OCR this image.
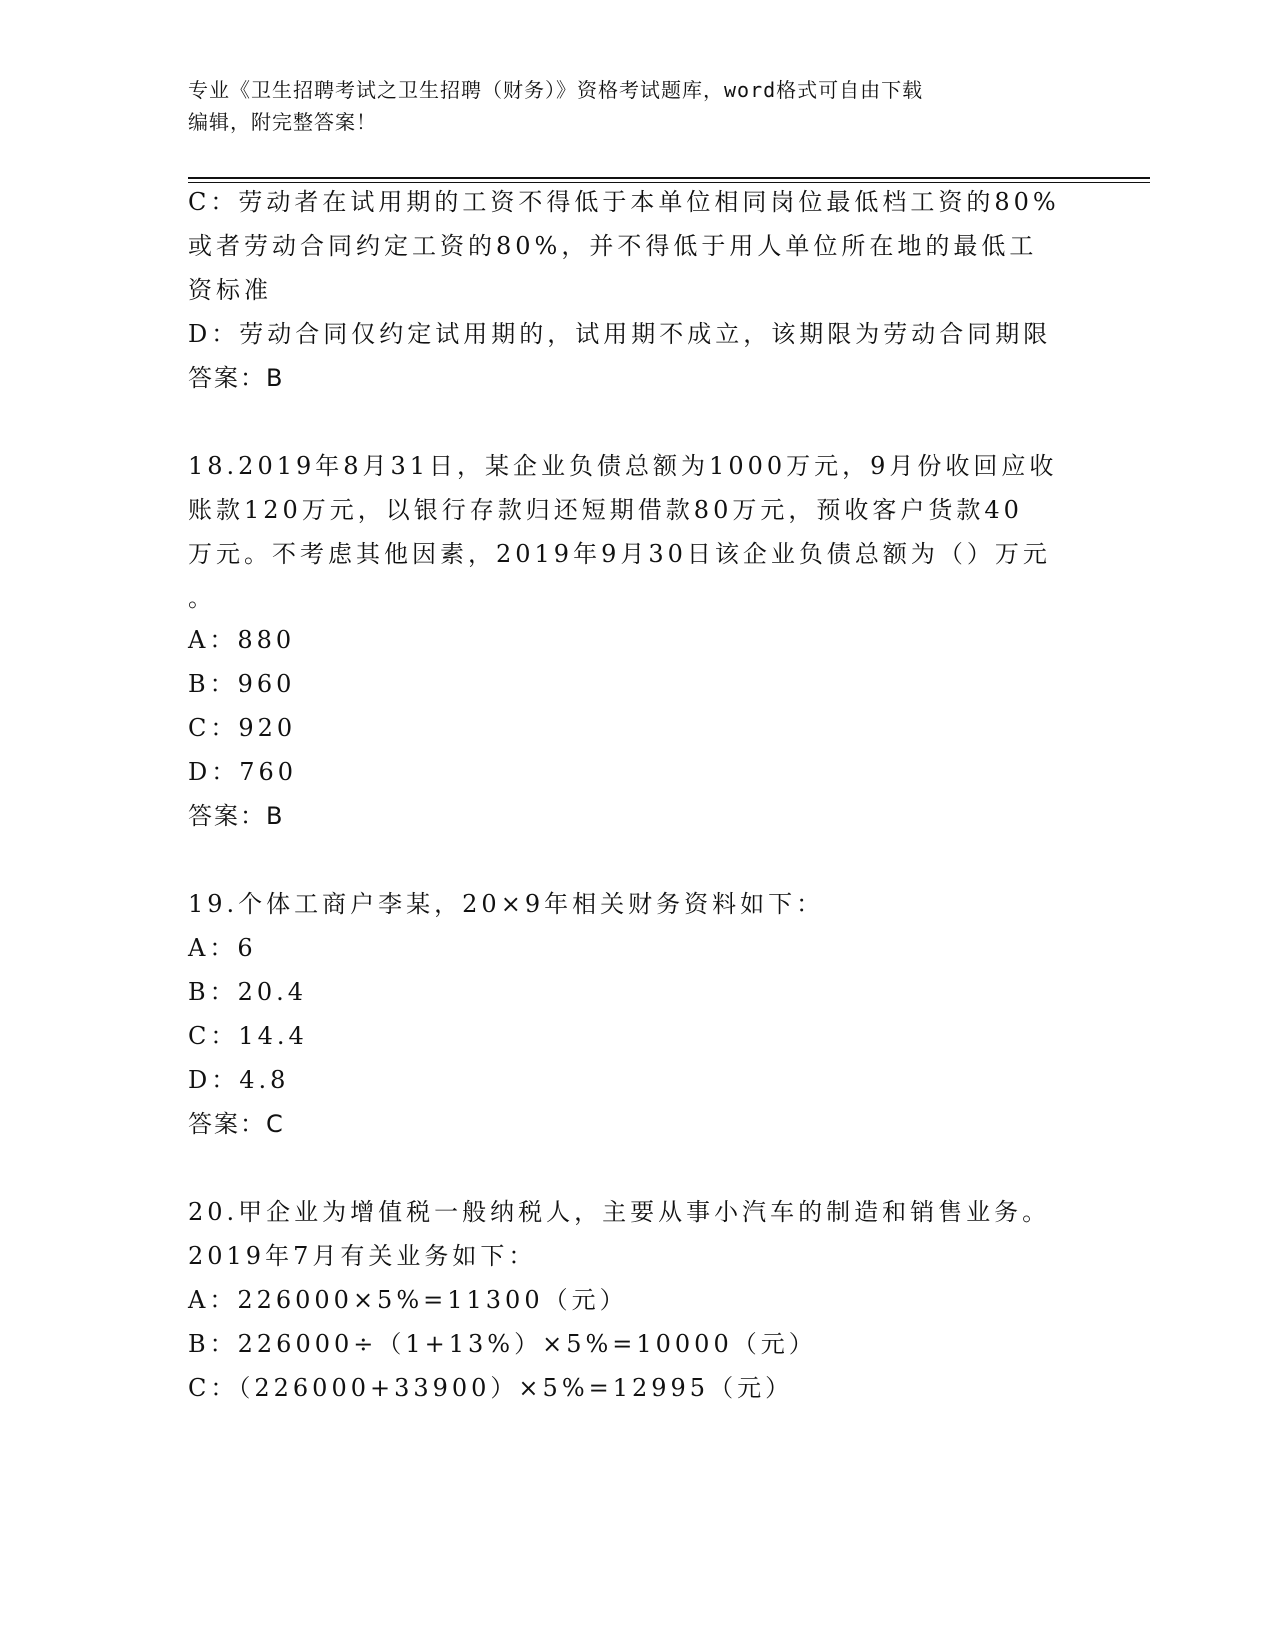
专业《卫生招聘考试之卫生招聘（财务）》资格考试题库，word格式可自由下载
编辑，附完整答案！
C：劳动者在试用期的工资不得低于本单位相同岗位最低档工资的80%
或者劳动合同约定工资的80%，并不得低于用人单位所在地的最低工
资标准
D：劳动合同仅约定试用期的，试用期不成立，该期限为劳动合同期限
答案：B
18.2019年8月31日，某企业负债总额为1000万元，9月份收回应收
账款120万元，以银行存款归还短期借款80万元，预收客户货款40
万元。不考虑其他因素，2019年9月30日该企业负债总额为（）万元
。
A：880
B：960
C：920
D：760
答案：B
19.个体工商户李某，20×9年相关财务资料如下：
A：6
B：20.4
C：14.4
D：4.8
答案：C
20.甲企业为增值税一般纳税人，主要从事小汽车的制造和销售业务。
2019年7月有关业务如下：
A：226000×5%=11300（元）
B：226000÷（1+13%）×5%=10000（元）
C：（226000+33900）×5%=12995（元）
